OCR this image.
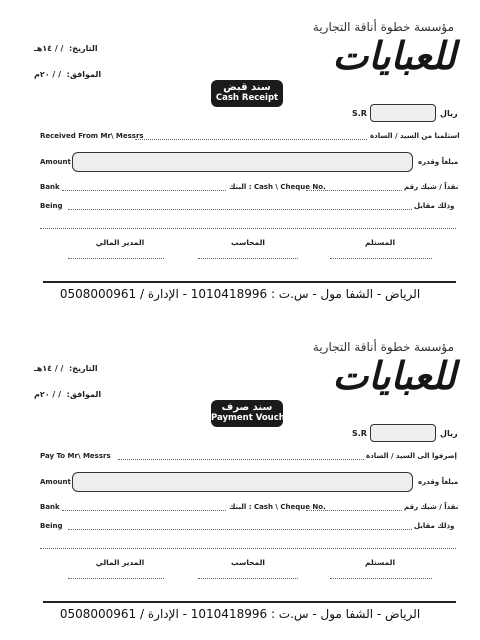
مؤسسة خطوة أناقة التجارية
للعبايات
التاريخ:  / / ١٤هـ
الموافق:  / / ٢٠م
سند قبض
Cash Receipt
S.R	ريال
Received From Mr\ Messrs	استلمنا من السيد / السادة
Amount	مبلغاً وقدره
Bank	البنك : Cash \ Cheque No.	نقداً / شيك رقم
Being	وذلك مقابل
المدير المالي	المحاسب	المستلم
الرياض - الشفا مول - س.ت : 1010418996 - الإدارة / 0508000961
مؤسسة خطوة أناقة التجارية
للعبايات
التاريخ:  / / ١٤هـ
الموافق:  / / ٢٠م
سند صرف
Payment Voucher
S.R	ريال
Pay To Mr\ Messrs	إصرفوا الى السيد / السادة
Amount	مبلغاً وقدره
Bank	البنك : Cash \ Cheque No.	نقداً / شيك رقم
Being	وذلك مقابل
المدير المالي	المحاسب	المستلم
الرياض - الشفا مول - س.ت : 1010418996 - الإدارة / 0508000961
